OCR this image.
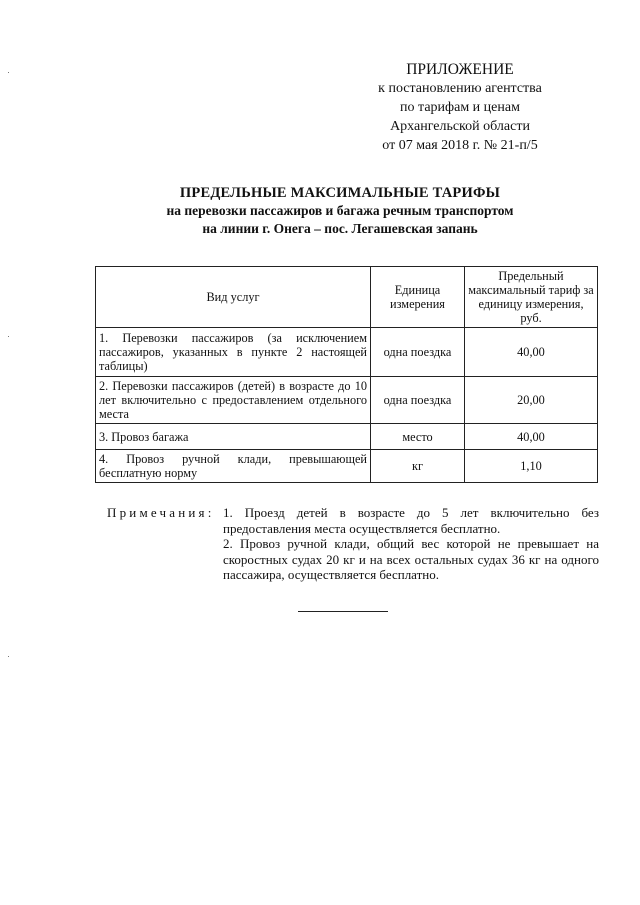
ПРИЛОЖЕНИЕ
к постановлению агентства
по тарифам и ценам
Архангельской области
от 07 мая 2018 г. № 21-п/5
ПРЕДЕЛЬНЫЕ МАКСИМАЛЬНЫЕ ТАРИФЫ
на перевозки пассажиров и багажа речным транспортом
на линии г. Онега – пос. Легашевская запань
Вид услуг	Единица измерения	Предельный максимальный тариф за единицу измерения, руб.
1. Перевозки пассажиров (за исключением пассажиров, указанных в пункте 2 настоящей таблицы)	одна поездка	40,00
2. Перевозки пассажиров (детей) в возрасте до 10 лет включительно с предоставлением отдельного места	одна поездка	20,00
3. Провоз багажа	место	40,00
4. Провоз ручной клади, превышающей бесплатную норму	кг	1,10
Примечания: 1. Проезд детей в возрасте до 5 лет включительно без предоставления места осуществляется бесплатно.

2. Провоз ручной клади, общий вес которой не превышает на скоростных судах 20 кг и на всех остальных судах 36 кг на одного пассажира, осуществляется бесплатно.
